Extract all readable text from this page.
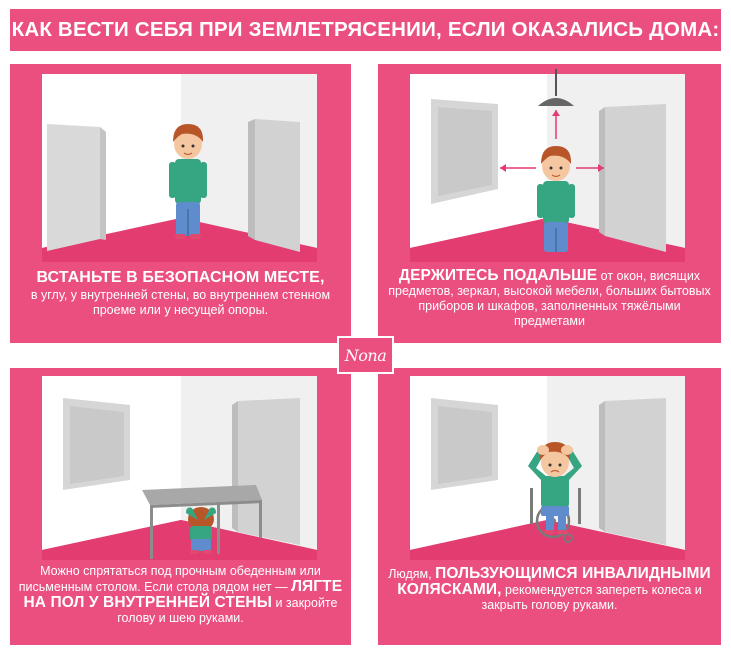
КАК ВЕСТИ СЕБЯ ПРИ ЗЕМЛЕТРЯСЕНИИ, ЕСЛИ ОКАЗАЛИСЬ ДОМА:
ВСТАНЬТЕ В БЕЗОПАСНОМ МЕСТЕ,
в углу, у внутренней стены, во внутреннем стенном проеме или у несущей опоры.
ДЕРЖИТЕСЬ ПОДАЛЬШЕ от окон, висящих предметов, зеркал, высокой мебели, больших бытовых приборов и шкафов, заполненных тяжёлыми предметами
Можно спрятаться под прочным обеденным или письменным столом. Если стола рядом нет — ЛЯГТЕ НА ПОЛ У ВНУТРЕННЕЙ СТЕНЫ и закройте голову и шею руками.
Людям, ПОЛЬЗУЮЩИМСЯ ИНВАЛИДНЫМИ КОЛЯСКАМИ, рекомендуется запереть колеса и закрыть голову руками.
Nona
